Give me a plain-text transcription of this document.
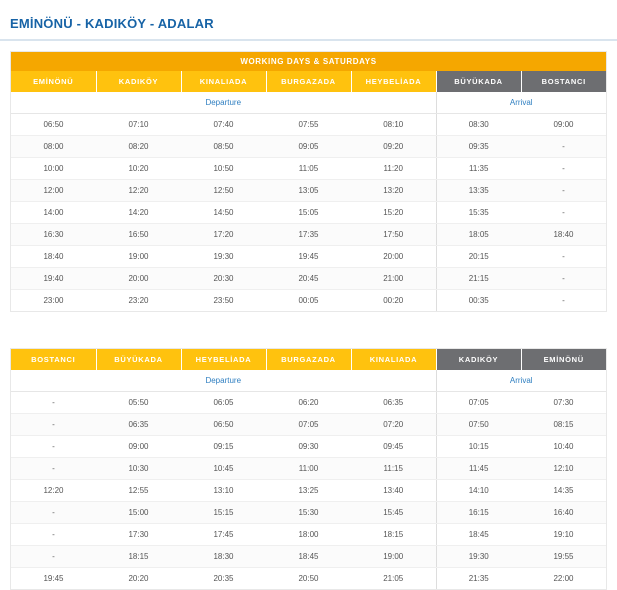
EMİNÖNÜ - KADIKÖY - ADALAR
WORKING DAYS & SATURDAYS						
EMİNÖNÜ	KADIKÖY	KINALIADA	BURGAZADA	HEYBELİADA	BÜYÜKADA	BOSTANCI
Departure					Arrival	
06:50	07:10	07:40	07:55	08:10	08:30	09:00
08:00	08:20	08:50	09:05	09:20	09:35	-
10:00	10:20	10:50	11:05	11:20	11:35	-
12:00	12:20	12:50	13:05	13:20	13:35	-
14:00	14:20	14:50	15:05	15:20	15:35	-
16:30	16:50	17:20	17:35	17:50	18:05	18:40
18:40	19:00	19:30	19:45	20:00	20:15	-
19:40	20:00	20:30	20:45	21:00	21:15	-
23:00	23:20	23:50	00:05	00:20	00:35	-
BOSTANCI	BÜYÜKADA	HEYBELİADA	BURGAZADA	KINALIADA	KADIKÖY	EMİNÖNÜ
Departure					Arrival	
-	05:50	06:05	06:20	06:35	07:05	07:30
-	06:35	06:50	07:05	07:20	07:50	08:15
-	09:00	09:15	09:30	09:45	10:15	10:40
-	10:30	10:45	11:00	11:15	11:45	12:10
12:20	12:55	13:10	13:25	13:40	14:10	14:35
-	15:00	15:15	15:30	15:45	16:15	16:40
-	17:30	17:45	18:00	18:15	18:45	19:10
-	18:15	18:30	18:45	19:00	19:30	19:55
19:45	20:20	20:35	20:50	21:05	21:35	22:00
